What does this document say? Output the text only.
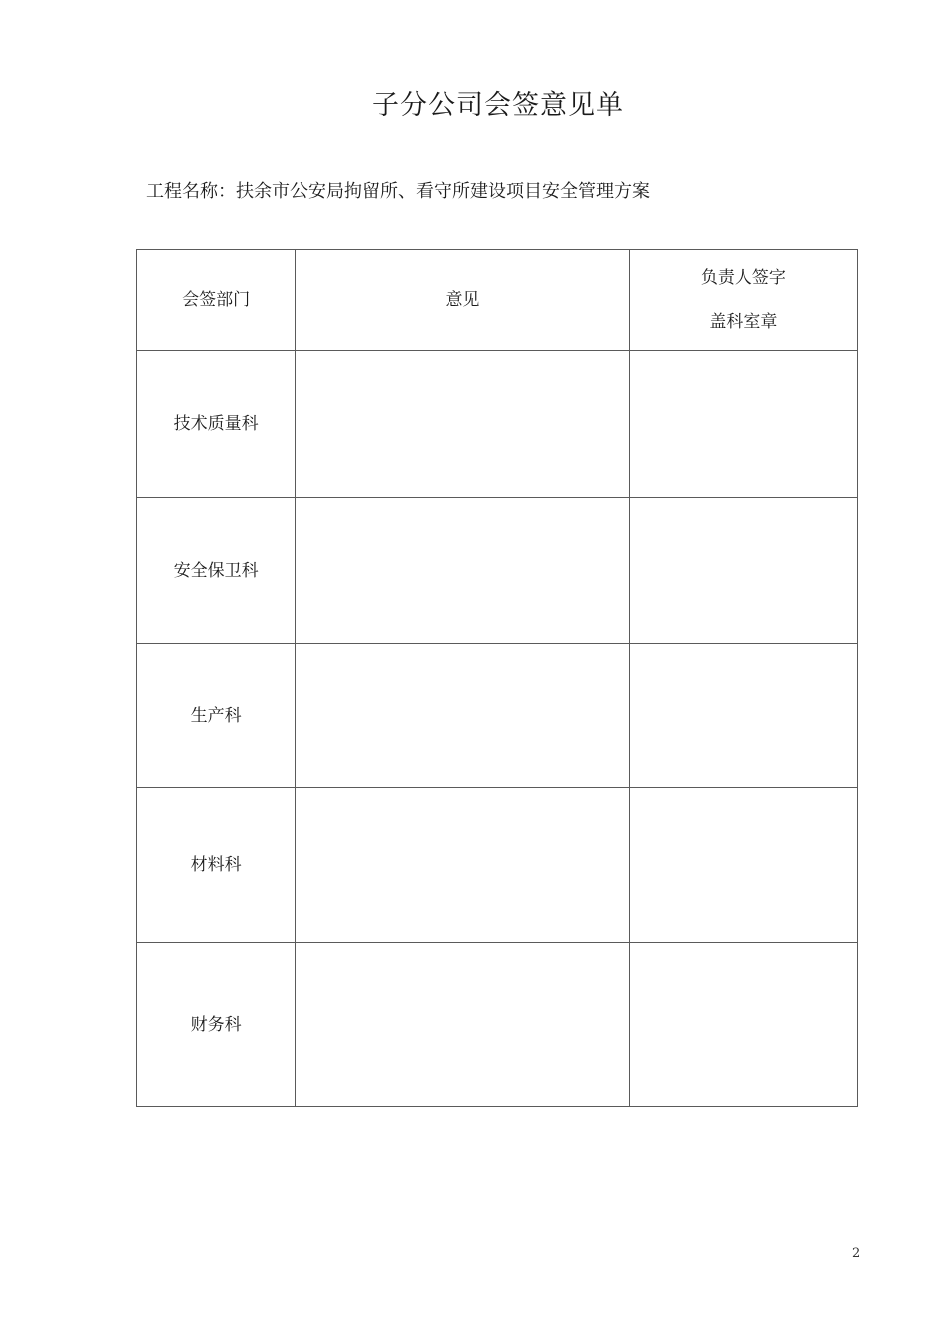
子分公司会签意见单
工程名称：扶余市公安局拘留所、看守所建设项目安全管理方案
会签部门	意见	负责人签字
盖科室章

技术质量科		
安全保卫科		
生产科		
材料科		
财务科		
2
